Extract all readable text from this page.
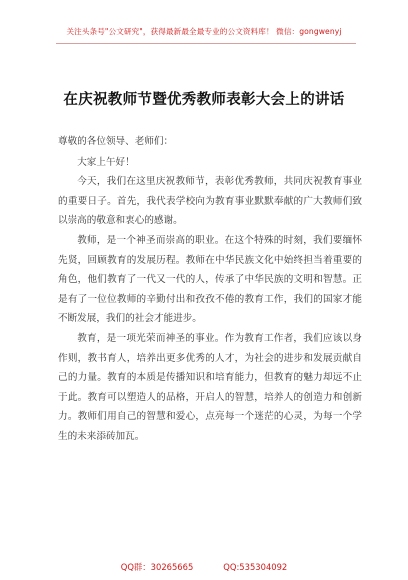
关注头条号"公文研究"，获得最新最全最专业的公文资料库！ 微信：gongwenyj
在庆祝教师节暨优秀教师表彰大会上的讲话

尊敬的各位领导、老师们：

大家上午好！

今天，我们在这里庆祝教师节，表彰优秀教师，共同庆祝教育事业的重要日子。首先，我代表学校向为教育事业默默奉献的广大教师们致以崇高的敬意和衷心的感谢。

教师，是一个神圣而崇高的职业。在这个特殊的时刻，我们要缅怀先贤，回顾教育的发展历程。教师在中华民族文化中始终担当着重要的角色，他们教育了一代又一代的人，传承了中华民族的文明和智慧。正是有了一位位教师的辛勤付出和孜孜不倦的教育工作，我们的国家才能不断发展，我们的社会才能进步。

教育，是一项光荣而神圣的事业。作为教育工作者，我们应该以身作则，教书育人，培养出更多优秀的人才，为社会的进步和发展贡献自己的力量。教育的本质是传播知识和培育能力，但教育的魅力却远不止于此。教育可以塑造人的品格，开启人的智慧，培养人的创造力和创新力。教师们用自己的智慧和爱心，点亮每一个迷茫的心灵，为每一个学生的未来添砖加瓦。

QQ群：30265665	QQ:535304092
